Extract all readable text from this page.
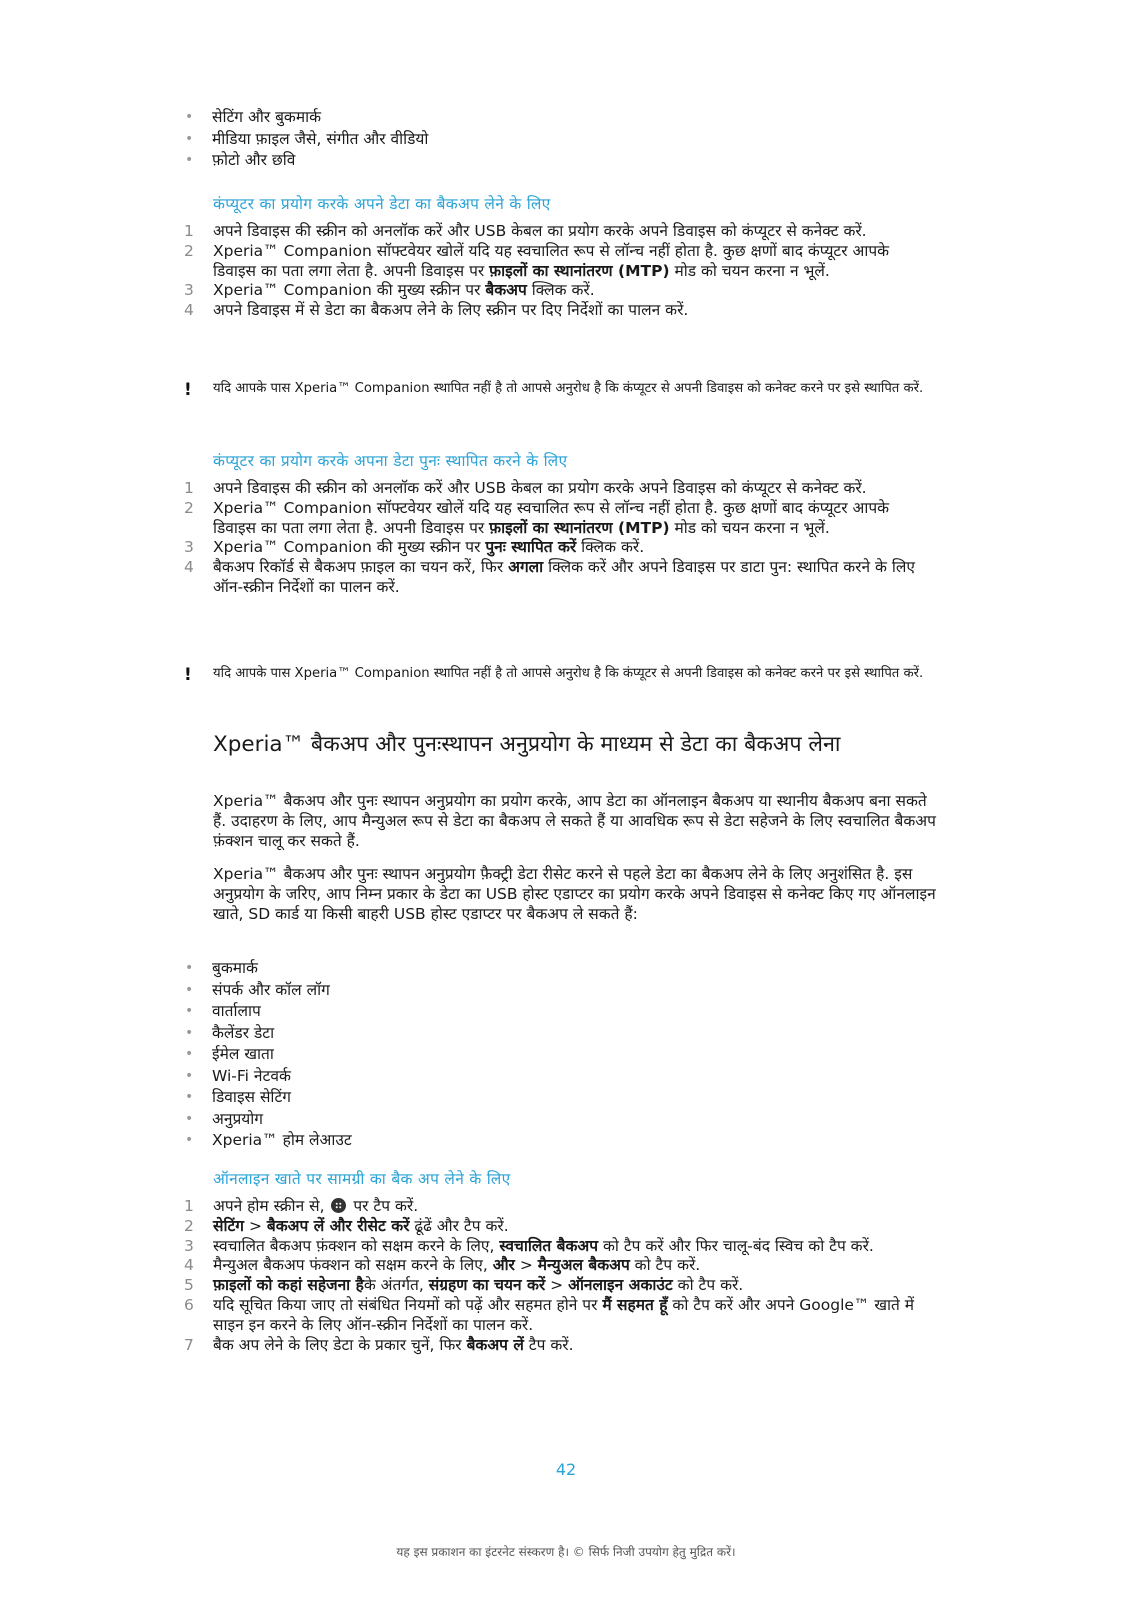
• सेटिंग और बुकमार्क
• मीडिया फ़ाइल जैसे, संगीत और वीडियो
• फ़ोटो और छवि
कंप्यूटर का प्रयोग करके अपने डेटा का बैकअप लेने के लिए
1 अपने डिवाइस की स्क्रीन को अनलॉक करें और USB केबल का प्रयोग करके अपने डिवाइस को कंप्यूटर से कनेक्ट करें.
2 Xperia™ Companion सॉफ्टवेयर खोलें यदि यह स्वचालित रूप से लॉन्च नहीं होता है. कुछ क्षणों बाद कंप्यूटर आपके डिवाइस का पता लगा लेता है. अपनी डिवाइस पर फ़ाइलों का स्थानांतरण (MTP) मोड को चयन करना न भूलें.
3 Xperia™ Companion की मुख्य स्क्रीन पर बैकअप क्लिक करें.
4 अपने डिवाइस में से डेटा का बैकअप लेने के लिए स्क्रीन पर दिए निर्देशों का पालन करें.
! यदि आपके पास Xperia™ Companion स्थापित नहीं है तो आपसे अनुरोध है कि कंप्यूटर से अपनी डिवाइस को कनेक्ट करने पर इसे स्थापित करें.
कंप्यूटर का प्रयोग करके अपना डेटा पुनः स्थापित करने के लिए
1 अपने डिवाइस की स्क्रीन को अनलॉक करें और USB केबल का प्रयोग करके अपने डिवाइस को कंप्यूटर से कनेक्ट करें.
2 Xperia™ Companion सॉफ्टवेयर खोलें यदि यह स्वचालित रूप से लॉन्च नहीं होता है. कुछ क्षणों बाद कंप्यूटर आपके डिवाइस का पता लगा लेता है. अपनी डिवाइस पर फ़ाइलों का स्थानांतरण (MTP) मोड को चयन करना न भूलें.
3 Xperia™ Companion की मुख्य स्क्रीन पर पुनः स्थापित करें क्लिक करें.
4 बैकअप रिकॉर्ड से बैकअप फ़ाइल का चयन करें, फिर अगला क्लिक करें और अपने डिवाइस पर डाटा पुन: स्थापित करने के लिए ऑन-स्क्रीन निर्देशों का पालन करें.
! यदि आपके पास Xperia™ Companion स्थापित नहीं है तो आपसे अनुरोध है कि कंप्यूटर से अपनी डिवाइस को कनेक्ट करने पर इसे स्थापित करें.
Xperia™ बैकअप और पुनःस्थापन अनुप्रयोग के माध्यम से डेटा का बैकअप लेना

Xperia™ बैकअप और पुनः स्थापन अनुप्रयोग का प्रयोग करके, आप डेटा का ऑनलाइन बैकअप या स्थानीय बैकअप बना सकते हैं. उदाहरण के लिए, आप मैन्युअल रूप से डेटा का बैकअप ले सकते हैं या आवधिक रूप से डेटा सहेजने के लिए स्वचालित बैकअप फ़ंक्शन चालू कर सकते हैं.

Xperia™ बैकअप और पुनः स्थापन अनुप्रयोग फ़ैक्ट्री डेटा रीसेट करने से पहले डेटा का बैकअप लेने के लिए अनुशंसित है. इस अनुप्रयोग के जरिए, आप निम्न प्रकार के डेटा का USB होस्ट एडाप्टर का प्रयोग करके अपने डिवाइस से कनेक्ट किए गए ऑनलाइन खाते, SD कार्ड या किसी बाहरी USB होस्ट एडाप्टर पर बैकअप ले सकते हैं:

• बुकमार्क
• संपर्क और कॉल लॉग
• वार्तालाप
• कैलेंडर डेटा
• ईमेल खाता
• Wi-Fi नेटवर्क
• डिवाइस सेटिंग
• अनुप्रयोग
• Xperia™ होम लेआउट
ऑनलाइन खाते पर सामग्री का बैक अप लेने के लिए
1 अपने होम स्क्रीन से,  पर टैप करें.
2 सेटिंग > बैकअप लें और रीसेट करें ढूंढें और टैप करें.
3 स्वचालित बैकअप फ़ंक्शन को सक्षम करने के लिए, स्वचालित बैकअप को टैप करें और फिर चालू-बंद स्विच को टैप करें.
4 मैन्युअल बैकअप फंक्शन को सक्षम करने के लिए, और > मैन्युअल बैकअप को टैप करें.
5 फ़ाइलों को कहां सहेजना हैके अंतर्गत, संग्रहण का चयन करें > ऑनलाइन अकाउंट को टैप करें.
6 यदि सूचित किया जाए तो संबंधित नियमों को पढ़ें और सहमत होने पर मैं सहमत हूँ को टैप करें और अपने Google™ खाते में साइन इन करने के लिए ऑन-स्क्रीन निर्देशों का पालन करें.
7 बैक अप लेने के लिए डेटा के प्रकार चुनें, फिर बैकअप लें टैप करें.
42
यह इस प्रकाशन का इंटरनेट संस्करण है। © सिर्फ निजी उपयोग हेतु मुद्रित करें।
